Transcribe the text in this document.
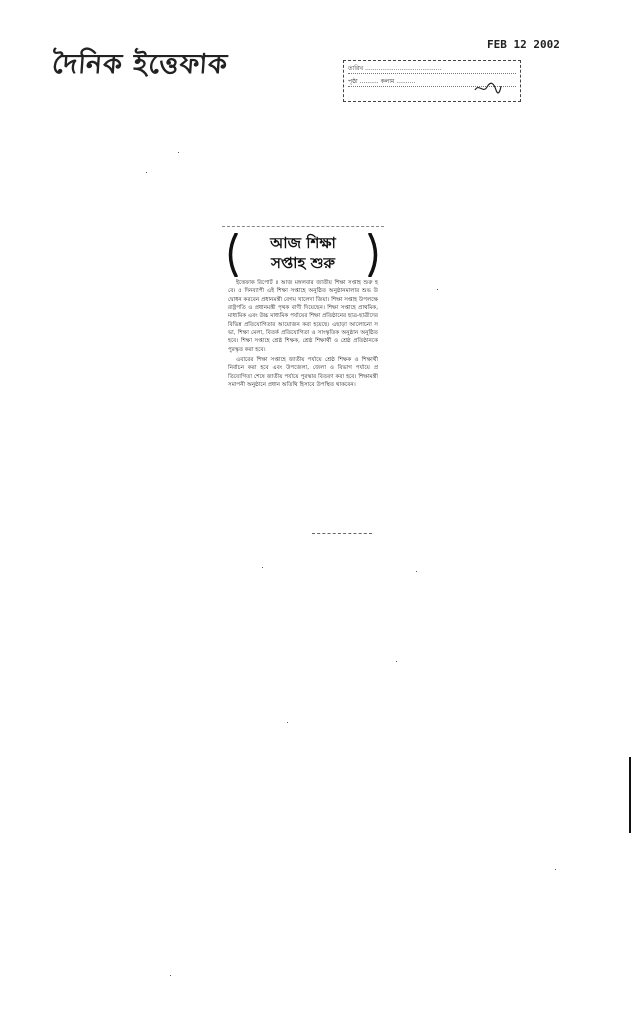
দৈনিক ইত্তেফাক
FEB 12 2002
তারিখ ........................................
পৃষ্ঠা .......... কলাম ..........
আজ শিক্ষা
সপ্তাহ শুরু

ইত্তেফাক রিপোর্ট ॥ আজ মঙ্গলবার জাতীয় শিক্ষা সপ্তাহ শুরু হবে। ৫ দিনব্যাপী এই শিক্ষা সপ্তাহে অনুষ্ঠিত অনুষ্ঠানমালার শুভ উদ্বোধন করবেন প্রধানমন্ত্রী বেগম খালেদা জিয়া। শিক্ষা সপ্তাহ উপলক্ষে রাষ্ট্রপতি ও প্রধানমন্ত্রী পৃথক বাণী দিয়েছেন। শিক্ষা সপ্তাহে প্রাথমিক, মাধ্যমিক এবং উচ্চ মাধ্যমিক পর্যায়ের শিক্ষা প্রতিষ্ঠানের ছাত্র-ছাত্রীদের বিভিন্ন প্রতিযোগিতার আয়োজন করা হয়েছে। এছাড়া আলোচনা সভা, শিক্ষা মেলা, বিতর্ক প্রতিযোগিতা ও সাংস্কৃতিক অনুষ্ঠান অনুষ্ঠিত হবে। শিক্ষা সপ্তাহে শ্রেষ্ঠ শিক্ষক, শ্রেষ্ঠ শিক্ষার্থী ও শ্রেষ্ঠ প্রতিষ্ঠানকে পুরস্কৃত করা হবে।

এবারের শিক্ষা সপ্তাহে জাতীয় পর্যায়ে শ্রেষ্ঠ শিক্ষক ও শিক্ষার্থী নির্বাচন করা হবে এবং উপজেলা, জেলা ও বিভাগ পর্যায়ে প্রতিযোগিতা শেষে জাতীয় পর্যায়ে পুরস্কার বিতরণ করা হবে। শিক্ষামন্ত্রী সমাপনী অনুষ্ঠানে প্রধান অতিথি হিসাবে উপস্থিত থাকবেন।
